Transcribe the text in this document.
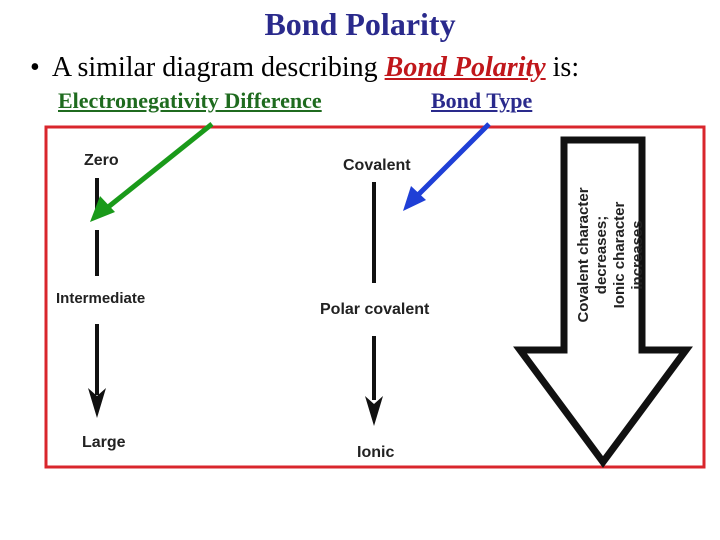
Bond Polarity
• A similar diagram describing Bond Polarity is:
Electronegativity Difference	Bond Type
Zero
Intermediate
Large
Covalent
Polar covalent
Ionic
Covalent character decreases; Ionic character increases
